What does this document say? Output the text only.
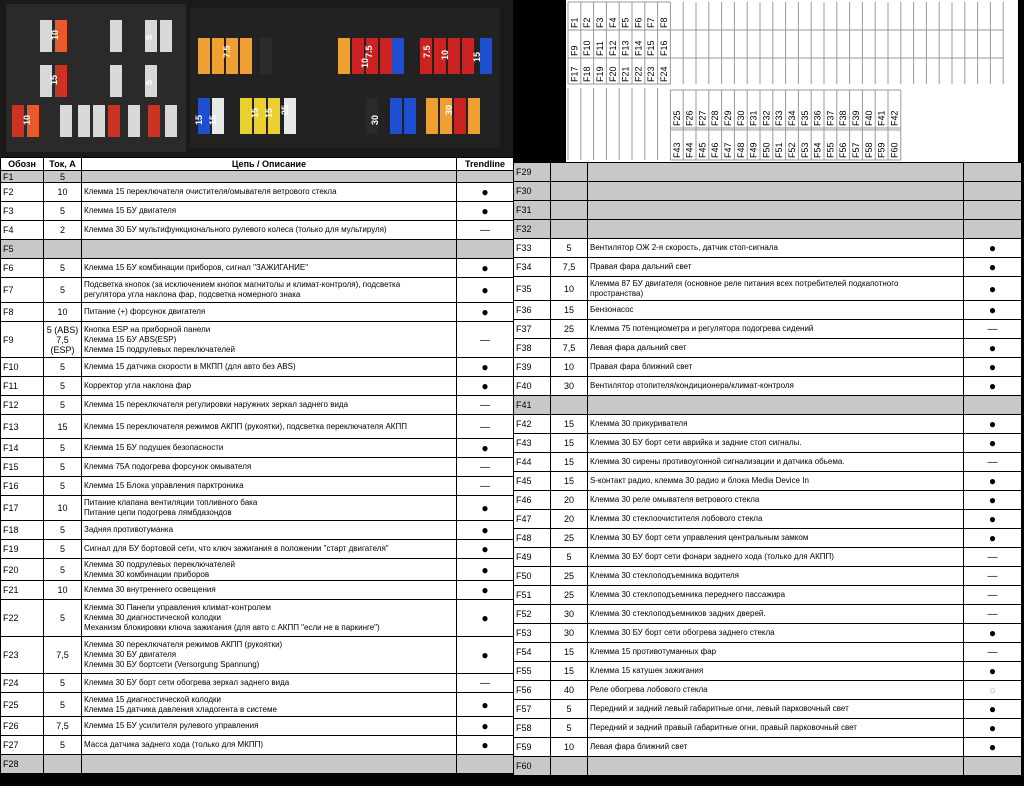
10
15
10
5
5
7.5	7.5
10
7.5 10
30
15 15
15 15 25	30
15
F1 F2 F3 F4 F5 F6 F7 F8
F9 F10 F11 F12 F13 F14 F15 F16
F17 F18 F19 F20 F21 F22 F23 F24
F25 F26 F27 F28 F29 F30 F31 F32 F33 F34 F35 F36 F37 F38 F39 F40 F41 F42
F43 F44 F45 F46 F47 F48 F49 F50 F51 F52 F53 F54 F55 F56 F57 F58 F59 F60
Обозн	Ток, А	Цепь / Описание	Trendline
F1	5		
F2	10	Клемма 15 переключателя очистителя/омывателя ветрового стекла	●
F3	5	Клемма 15 БУ двигателя	●
F4	2	Клемма 30 БУ мультифункционального рулевого колеса (только для мультируля)	—
F5			
F6	5	Клемма 15 БУ комбинации приборов, сигнал "ЗАЖИГАНИЕ"	●
F7	5	Подсветка кнопок (за исключением кнопок магнитолы и климат-контроля), подсветка
регулятора угла наклона фар, подсветка номерного знака	●
F8	10	Питание (+) форсунок двигателя	●
F9	5 (ABS)
7,5
(ESP)	Кнопка ESP на приборной панели
Клемма 15 БУ ABS(ESP)
Клемма 15 подрулевых переключателей	—
F10	5	Клемма 15 датчика скорости в МКПП (для авто без ABS)	●
F11	5	Корректор угла наклона фар	●
F12	5	Клемма 15 переключателя регулировки наружних зеркал заднего вида	—
F13	15	Клемма 15 переключателя режимов АКПП (рукоятки), подсветка переключателя АКПП	—
F14	5	Клемма 15 БУ подушек безопасности	●
F15	5	Клемма 75А подогрева форсунок омывателя	—
F16	5	Клемма 15 Блока управления парктроника	—
F17	10	Питание клапана вентиляции топливного бака
Питание цепи подогрева лямбдазондов	●
F18	5	Задняя противотуманка	●
F19	5	Сигнал для БУ бортовой сети, что ключ зажигания в положении "старт двигателя"	●
F20	5	Клемма 30 подрулевых переключателей
Клемма 30 комбинации приборов	●
F21	10	Клемма 30 внутреннего освещения	●
F22	5	Клемма 30 Панели управления климат-контролем
Клемма 30 диагностической колодки
Механизм блокировки ключа зажигания (для авто с АКПП "если не в паркинге")	●
F23	7,5	Клемма 30 переключателя режимов АКПП (рукоятки)
Клемма 30 БУ двигателя
Клемма 30 БУ бортсети (Versorgung Spannung)	●
F24	5	Клемма 30 БУ борт сети обогрева зеркал заднего вида	—
F25	5	Клемма 15 диагностической колодки
Клемма 15 датчика давления хладогента в системе	●
F26	7,5	Клемма 15 БУ усилителя рулевого управления	●
F27	5	Масса датчика заднего хода (только для МКПП)	●
F28			
F29			
F30			
F31			
F32			
F33	5	Вентилятор ОЖ 2-я скорость, датчик стоп-сигнала	●
F34	7,5	Правая фара дальний свет	●
F35	10	Клемма 87 БУ двигателя (основное реле питания всех потребителей подкапотного
пространства)	●
F36	15	Бензонасос	●
F37	25	Клемма 75 потенциометра и регулятора подогрева сидений	—
F38	7,5	Левая фара дальний свет	●
F39	10	Правая фара ближний свет	●
F40	30	Вентилятор отопителя/кондиционера/климат-контроля	●
F41			
F42	15	Клемма 30 прикуривателя	●
F43	15	Клемма 30 БУ борт сети аврийка и задние стоп сигналы.	●
F44	15	Клемма 30 сирены противоугонной сигнализации и датчика обьема.	—
F45	15	S-контакт радио, клемма 30 радио и блока Media Device In	●
F46	20	Клемма 30 реле омывателя ветрового стекла	●
F47	20	Клемма 30 стеклоочистителя лобового стекла	●
F48	25	Клемма 30 БУ борт сети управления центральным замком	●
F49	5	Клемма 30 БУ борт сети фонари заднего хода (только для АКПП)	—
F50	25	Клемма 30 стеклоподъемника водителя	—
F51	25	Клемма 30 стеклоподъемника переднего пассажира	—
F52	30	Клемма 30 стеклоподъемников задних дверей.	—
F53	30	Клемма 30 БУ борт сети обогрева заднего стекла	●
F54	15	Клемма 15 противотуманных фар	—
F55	15	Клемма 15 катушек зажигания	●
F56	40	Реле обогрева лобового стекла	○
F57	5	Передний и задний левый габаритные огни, левый парковочный свет	●
F58	5	Передний и задний правый габаритные огни, правый парковочный свет	●
F59	10	Левая фара ближний свет	●
F60			
